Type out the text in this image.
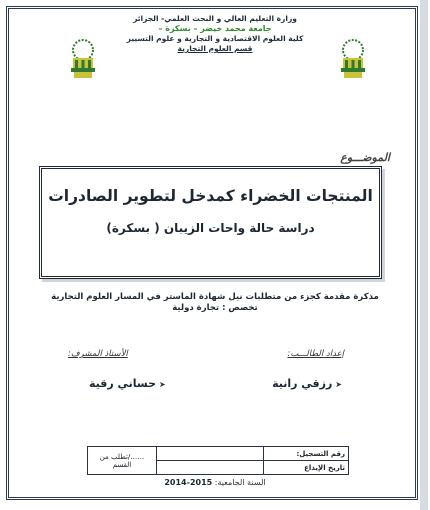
وزارة التعليم العالي و البحث العلمي- الجزائر
جامعة محمد خيضر – بسكرة –
كلية العلوم الاقتصادية و التجارية و علوم التسيير
قسم العلوم التجارية
الموضـــوع
المنتجات الخضراء كمدخل لتطوير الصادرات
دراسة حالة واحات الزيبان ( بسكرة)
مذكرة مقدمة كجزء من متطلبات نيل شهادة الماستر في المسار العلوم التجارية
تخصص : تجارة دولية
إعداد الطالـــب:
الأستاذ المشرف:
➤رزقي رانية
➤حساني رقية
رقم التسجيل:		……/تطلب من القسم
تاريخ الإيداع		
السنة الجامعية: 2015-2014
